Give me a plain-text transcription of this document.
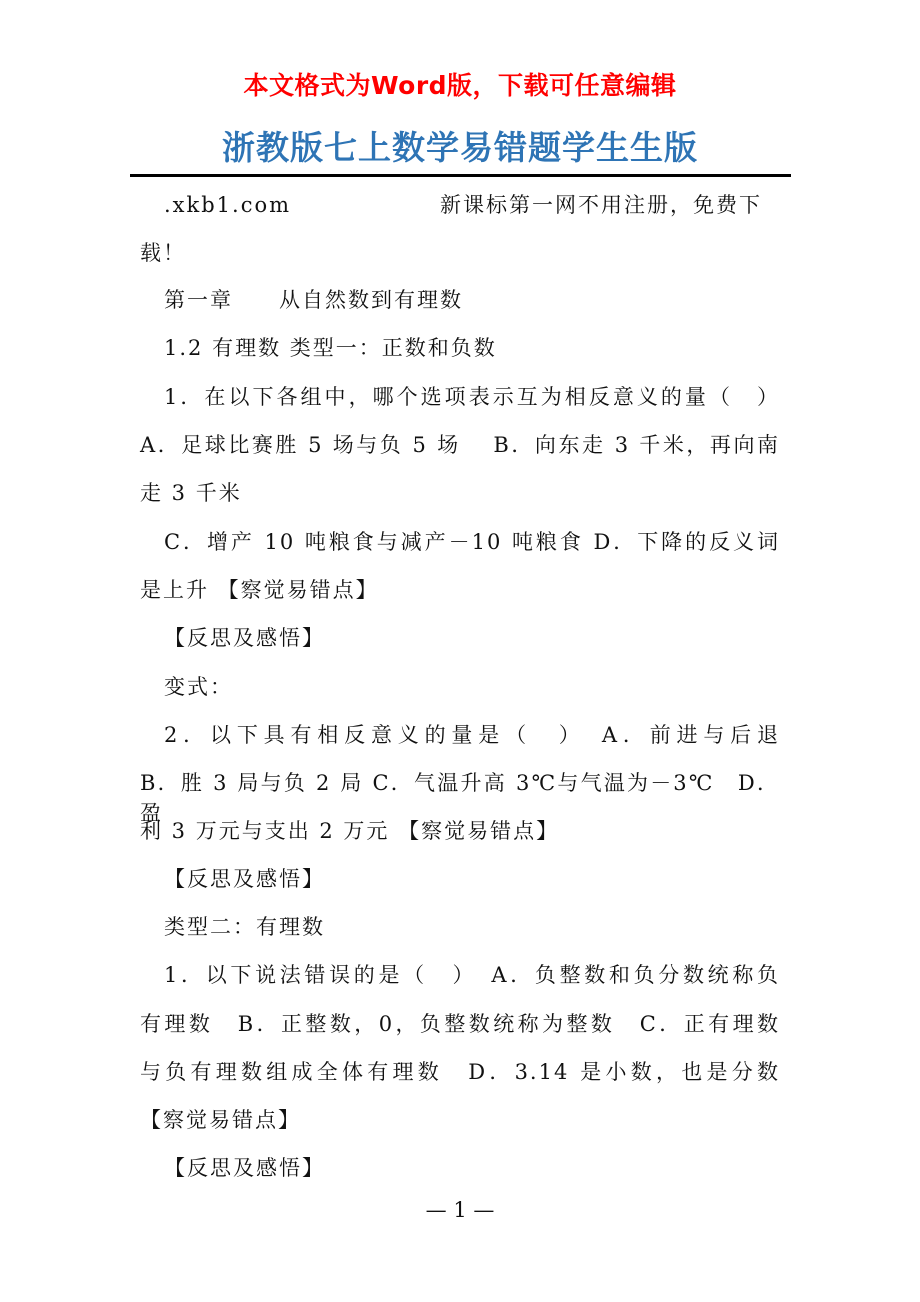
本文格式为Word版，下载可任意编辑
浙教版七上数学易错题学生生版
.xkb1.com	新课标第一网不用注册，免费下
载！
第一章　　从自然数到有理数
1.2 有理数 类型一：正数和负数
1．在以下各组中，哪个选项表示互为相反意义的量（　）
A．足球比赛胜 5 场与负 5 场　 B．向东走 3 千米，再向南
走 3 千米
C．增产 10 吨粮食与减产－10 吨粮食 D．下降的反义词
是上升 【察觉易错点】
【反思及感悟】
变式：
2．以下具有相反意义的量是（　）　A．前进与后退
B．胜 3 局与负 2 局 C．气温升高 3℃与气温为－3℃　D．盈
利 3 万元与支出 2 万元 【察觉易错点】
【反思及感悟】
类型二：有理数
1．以下说法错误的是（　）　A．负整数和负分数统称负
有理数　B．正整数，0，负整数统称为整数　C．正有理数
与负有理数组成全体有理数　D．3.14 是小数，也是分数
【察觉易错点】
【反思及感悟】
— 1 —
